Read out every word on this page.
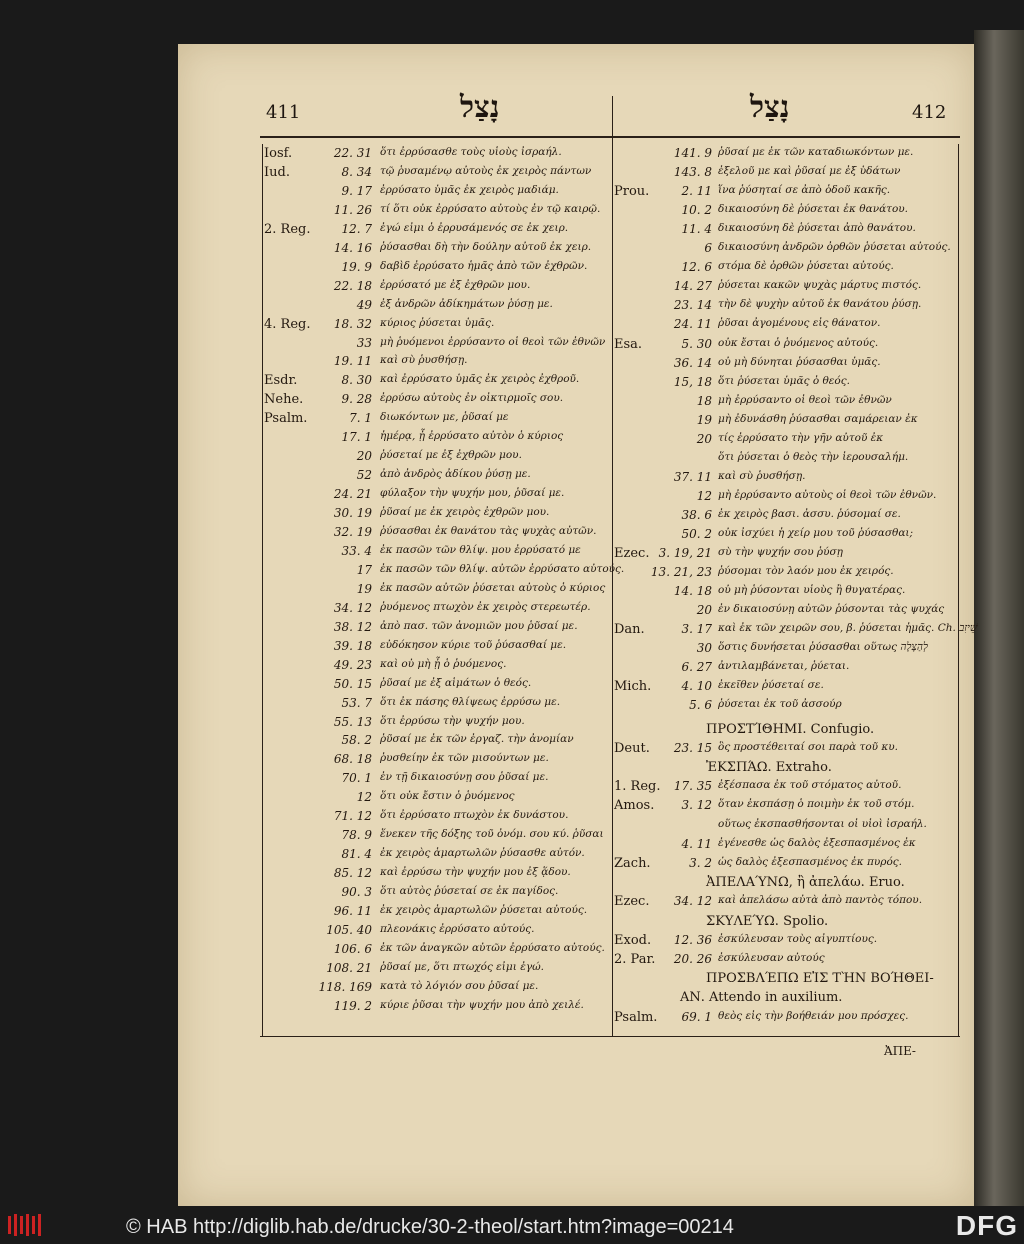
411	נָצַל	נָצַל	412
Iosf.	22. 31 ὅτι ἐρρύσασθε τοὺς υἱοὺς ἰσραήλ.
Iud.	8. 34 τῷ ῥυσαμένῳ αὐτοὺς ἐκ χειρὸς πάντων
9. 17 ἐρρύσατο ὑμᾶς ἐκ χειρὸς μαδιάμ.
11. 26 τί ὅτι οὐκ ἐρρύσατο αὐτοὺς ἐν τῷ καιρῷ.
2. Reg.	12. 7 ἐγώ εἰμι ὁ ἐρρυσάμενός σε ἐκ χειρ.
14. 16 ῥύσασθαι δὴ τὴν δούλην αὐτοῦ ἐκ χειρ.
19. 9 δαβὶδ ἐρρύσατο ἡμᾶς ἀπὸ τῶν ἐχθρῶν.
22. 18 ἐρρύσατό με ἐξ ἐχθρῶν μου.
49 ἐξ ἀνδρῶν ἀδίκημάτων ῥύσῃ με.
4. Reg.	18. 32 κύριος ῥύσεται ὑμᾶς.
33 μὴ ῥυόμενοι ἐρρύσαντο οἱ θεοὶ τῶν ἐθνῶν
19. 11 καὶ σὺ ῥυσθήσῃ.
Esdr.	8. 30 καὶ ἐρρύσατο ὑμᾶς ἐκ χειρὸς ἐχθροῦ.
Nehe.	9. 28 ἐρρύσω αὐτοὺς ἐν οἰκτιρμοῖς σου.
Psalm.	7. 1 διωκόντων με, ῥῦσαί με
17. 1 ἡμέρᾳ, ᾗ ἐρρύσατο αὐτὸν ὁ κύριος
20 ῥύσεταί με ἐξ ἐχθρῶν μου.
52 ἀπὸ ἀνδρὸς ἀδίκου ῥύσῃ με.
24. 21 φύλαξον τὴν ψυχήν μου, ῥῦσαί με.
30. 19 ῥῦσαί με ἐκ χειρὸς ἐχθρῶν μου.
32. 19 ῥύσασθαι ἐκ θανάτου τὰς ψυχὰς αὐτῶν.
33. 4 ἐκ πασῶν τῶν θλίψ. μου ἐρρύσατό με
17 ἐκ πασῶν τῶν θλίψ. αὐτῶν ἐρρύσατο αὐτούς.
19 ἐκ πασῶν αὐτῶν ῥύσεται αὐτοὺς ὁ κύριος
34. 12 ῥυόμενος πτωχὸν ἐκ χειρὸς στερεωτέρ.
38. 12 ἀπὸ πασ. τῶν ἀνομιῶν μου ῥῦσαί με.
39. 18 εὐδόκησον κύριε τοῦ ῥύσασθαί με.
49. 23 καὶ οὐ μὴ ᾖ ὁ ῥυόμενος.
50. 15 ῥῦσαί με ἐξ αἱμάτων ὁ θεός.
53. 7 ὅτι ἐκ πάσης θλίψεως ἐρρύσω με.
55. 13 ὅτι ἐρρύσω τὴν ψυχήν μου.
58. 2 ῥῦσαί με ἐκ τῶν ἐργαζ. τὴν ἀνομίαν
68. 18 ῥυσθείην ἐκ τῶν μισούντων με.
70. 1 ἐν τῇ δικαιοσύνῃ σου ῥῦσαί με.
12 ὅτι οὐκ ἔστιν ὁ ῥυόμενος
71. 12 ὅτι ἐρρύσατο πτωχὸν ἐκ δυνάστου.
78. 9 ἕνεκεν τῆς δόξης τοῦ ὀνόμ. σου κύ. ῥῦσαι
81. 4 ἐκ χειρὸς ἁμαρτωλῶν ῥύσασθε αὐτόν.
85. 12 καὶ ἐρρύσω τὴν ψυχήν μου ἐξ ᾅδου.
90. 3 ὅτι αὐτὸς ῥύσεταί σε ἐκ παγίδος.
96. 11 ἐκ χειρὸς ἁμαρτωλῶν ῥύσεται αὐτούς.
105. 40 πλεονάκις ἐρρύσατο αὐτούς.
106. 6 ἐκ τῶν ἀναγκῶν αὐτῶν ἐρρύσατο αὐτούς.
108. 21 ῥῦσαί με, ὅτι πτωχός εἰμι ἐγώ.
118. 169 κατὰ τὸ λόγιόν σου ῥῦσαί με.
119. 2 κύριε ῥῦσαι τὴν ψυχήν μου ἀπὸ χειλέ.
141. 9 ῥῦσαί με ἐκ τῶν καταδιωκόντων με.
143. 8 ἐξελοῦ με καὶ ῥῦσαί με ἐξ ὑδάτων
Prou.	2. 11 ἵνα ῥύσηταί σε ἀπὸ ὁδοῦ κακῆς.
10. 2 δικαιοσύνη δὲ ῥύσεται ἐκ θανάτου.
11. 4 δικαιοσύνη δὲ ῥύσεται ἀπὸ θανάτου.
6 δικαιοσύνη ἀνδρῶν ὀρθῶν ῥύσεται αὐτούς.
12. 6 στόμα δὲ ὀρθῶν ῥύσεται αὐτούς.
14. 27 ῥύσεται κακῶν ψυχὰς μάρτυς πιστός.
23. 14 τὴν δὲ ψυχὴν αὐτοῦ ἐκ θανάτου ῥύσῃ.
24. 11 ῥῦσαι ἀγομένους εἰς θάνατον.
Esa.	5. 30 οὐκ ἔσται ὁ ῥυόμενος αὐτούς.
36. 14 οὐ μὴ δύνηται ῥύσασθαι ὑμᾶς.
15, 18 ὅτι ῥύσεται ὑμᾶς ὁ θεός.
18 μὴ ἐρρύσαντο οἱ θεοὶ τῶν ἐθνῶν
19 μὴ ἐδυνάσθη ῥύσασθαι σαμάρειαν ἐκ
20 τίς ἐρρύσατο τὴν γῆν αὐτοῦ ἐκ
ὅτι ῥύσεται ὁ θεὸς τὴν ἱερουσαλήμ.
37. 11 καὶ σὺ ῥυσθήσῃ.
12 μὴ ἐρρύσαντο αὐτοὺς οἱ θεοὶ τῶν ἐθνῶν.
38. 6 ἐκ χειρὸς βασι. ἀσσυ. ῥύσομαί σε.
50. 2 οὐκ ἰσχύει ἡ χείρ μου τοῦ ῥύσασθαι;
Ezec. 3. 19, 21 σὺ τὴν ψυχήν σου ῥύσῃ
13. 21, 23 ῥύσομαι τὸν λαόν μου ἐκ χειρός.
14. 18 οὐ μὴ ῥύσονται υἱοὺς ἢ θυγατέρας.
20 ἐν δικαιοσύνῃ αὐτῶν ῥύσονται τὰς ψυχάς
Dan.	3. 17 καὶ ἐκ τῶν χειρῶν σου, β. ῥύσεται ἡμᾶς. Ch. שֵׁיזִב
30 ὅστις δυνήσεται ῥύσασθαι οὕτως לְהַצָּלָה
6. 27 ἀντιλαμβάνεται, ῥύεται.
Mich.	4. 10 ἐκεῖθεν ῥύσεταί σε.
5. 6 ῥύσεται ἐκ τοῦ ἀσσούρ
ΠΡΟΣΤΊΘΗΜΙ. Confugio.
Deut.	23. 15 ὃς προστέθειταί σοι παρὰ τοῦ κυ.
ἘΚΣΠΆΩ. Extraho.
1. Reg.	17. 35 ἐξέσπασα ἐκ τοῦ στόματος αὐτοῦ.
Amos.	3. 12 ὅταν ἐκσπάσῃ ὁ ποιμὴν ἐκ τοῦ στόμ.
οὕτως ἐκσπασθήσονται οἱ υἱοὶ ἰσραήλ.
4. 11 ἐγένεσθε ὡς δαλὸς ἐξεσπασμένος ἐκ
Zach.	3. 2 ὡς δαλὸς ἐξεσπασμένος ἐκ πυρός.
ἈΠΕΛΑΎΝΩ, ἢ ἀπελάω. Eruo.
Ezec.	34. 12 καὶ ἀπελάσω αὐτὰ ἀπὸ παντὸς τόπου.
ΣΚΥΛΕΎΩ. Spolio.
Exod.	12. 36 ἐσκύλευσαν τοὺς αἰγυπτίους.
2. Par.	20. 26 ἐσκύλευσαν αὐτούς
ΠΡΟΣΒΛΈΠΩ ΕἸΣ ΤῊΝ ΒΟΉΘΕΙ-
ΑΝ. Attendo in auxilium.
Psalm.	69. 1 θεὸς εἰς τὴν βοήθειάν μου πρόσχες.
ἈΠΕ-
© HAB http://diglib.hab.de/drucke/30-2-theol/start.htm?image=00214	DFG
